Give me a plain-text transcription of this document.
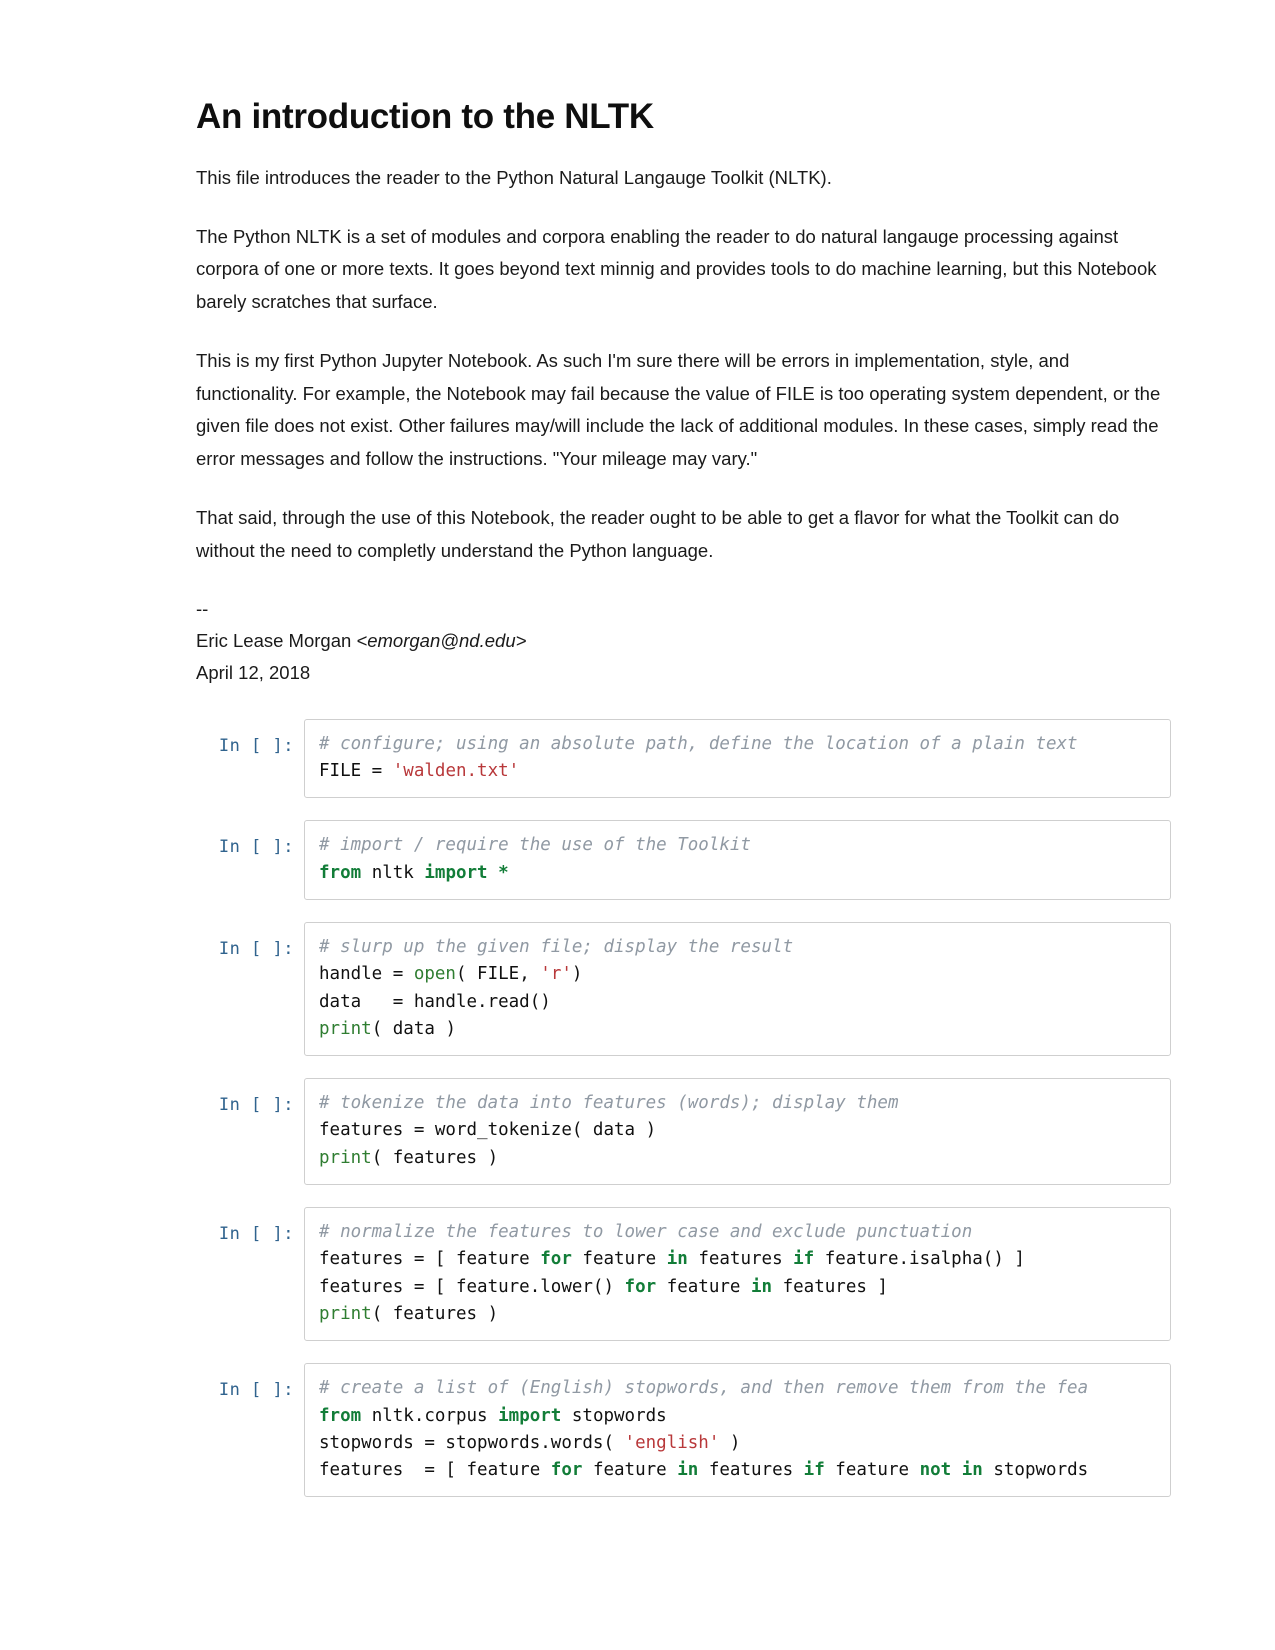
An introduction to the NLTK

This file introduces the reader to the Python Natural Langauge Toolkit (NLTK).

The Python NLTK is a set of modules and corpora enabling the reader to do natural langauge processing against corpora of one or more texts. It goes beyond text minnig and provides tools to do machine learning, but this Notebook barely scratches that surface.

This is my first Python Jupyter Notebook. As such I'm sure there will be errors in implementation, style, and functionality. For example, the Notebook may fail because the value of FILE is too operating system dependent, or the given file does not exist. Other failures may/will include the lack of additional modules. In these cases, simply read the error messages and follow the instructions. "Your mileage may vary."

That said, through the use of this Notebook, the reader ought to be able to get a flavor for what the Toolkit can do without the need to completly understand the Python language.

--
Eric Lease Morgan <emorgan@nd.edu>
April 12, 2018
In [ ]:	# configure; using an absolute path, define the location of a plain text
FILE = 'walden.txt'
In [ ]:	# import / require the use of the Toolkit
from nltk import *
In [ ]:	# slurp up the given file; display the result
handle = open( FILE, 'r')
data   = handle.read()
print( data )
In [ ]:	# tokenize the data into features (words); display them
features = word_tokenize( data )
print( features )
In [ ]:	# normalize the features to lower case and exclude punctuation
features = [ feature for feature in features if feature.isalpha() ]
features = [ feature.lower() for feature in features ]
print( features )
In [ ]:	# create a list of (English) stopwords, and then remove them from the fea
from nltk.corpus import stopwords
stopwords = stopwords.words( 'english' )
features  = [ feature for feature in features if feature not in stopwords
